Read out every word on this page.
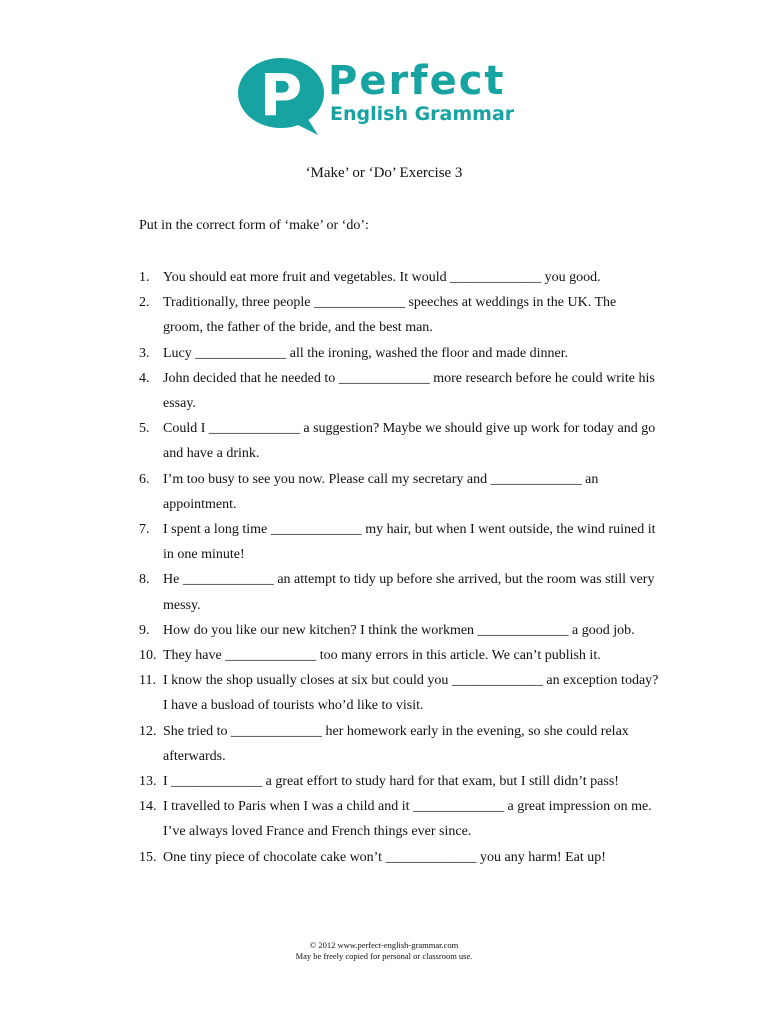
P Perfect
English Grammar
‘Make’ or ‘Do’ Exercise 3
Put in the correct form of ‘make’ or ‘do’:
1. You should eat more fruit and vegetables. It would _____________ you good.
2. Traditionally, three people _____________ speeches at weddings in the UK. The groom, the father of the bride, and the best man.
3. Lucy _____________ all the ironing, washed the floor and made dinner.
4. John decided that he needed to _____________ more research before he could write his essay.
5. Could I _____________ a suggestion? Maybe we should give up work for today and go and have a drink.
6. I’m too busy to see you now. Please call my secretary and _____________ an appointment.
7. I spent a long time _____________ my hair, but when I went outside, the wind ruined it in one minute!
8. He _____________ an attempt to tidy up before she arrived, but the room was still very messy.
9. How do you like our new kitchen? I think the workmen _____________ a good job.
10. They have _____________ too many errors in this article. We can’t publish it.
11. I know the shop usually closes at six but could you _____________ an exception today? I have a busload of tourists who’d like to visit.
12. She tried to _____________ her homework early in the evening, so she could relax afterwards.
13. I _____________ a great effort to study hard for that exam, but I still didn’t pass!
14. I travelled to Paris when I was a child and it _____________ a great impression on me. I’ve always loved France and French things ever since.
15. One tiny piece of chocolate cake won’t _____________ you any harm! Eat up!
© 2012 www.perfect-english-grammar.com
May be freely copied for personal or classroom use.
